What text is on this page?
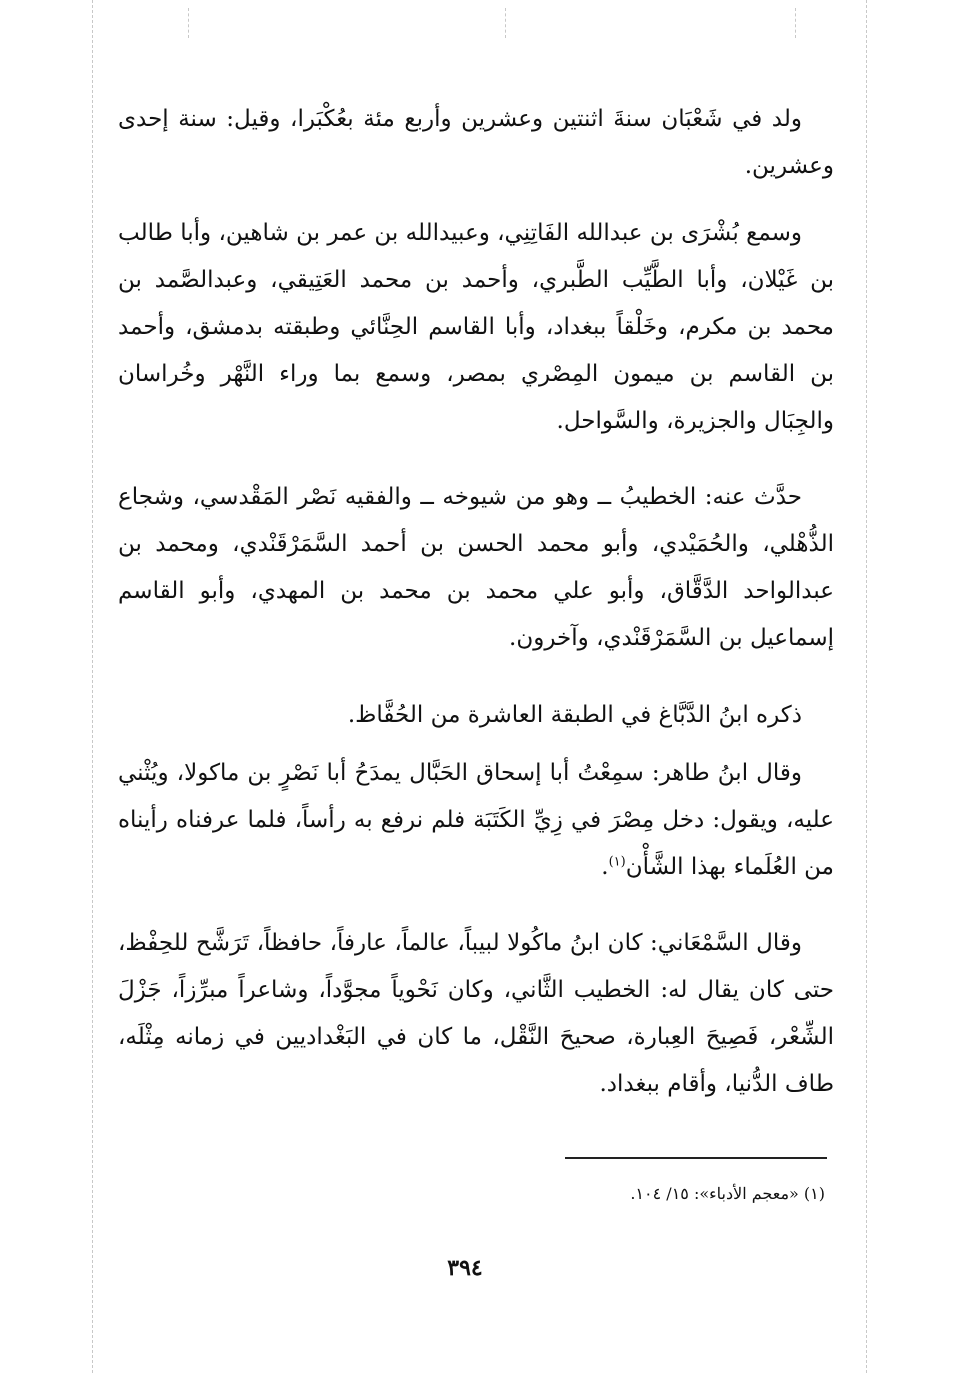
ولد في شَعْبَان سنةَ اثنتين وعشرين وأربع مئة بعُكْبَرا، وقيل: سنة إحدى وعشرين.

وسمع بُشْرَى بن عبدالله الفَاتِنِي، وعبيدالله بن عمر بن شاهين، وأبا طالب بن غَيْلان، وأبا الطَّيِّب الطَّبري، وأحمد بن محمد العَتِيقي، وعبدالصَّمد بن محمد بن مكرم، وخَلْقاً ببغداد، وأبا القاسم الحِنَّائي وطبقته بدمشق، وأحمد بن القاسم بن ميمون المِصْري بمصر، وسمع بما وراء النَّهْر وخُراسان والجِبَال والجزيرة، والسَّواحل.

حدَّث عنه: الخطيبُ ــ وهو من شيوخه ــ والفقيه نَصْر المَقْدسي، وشجاع الذُّهْلي، والحُمَيْدي، وأبو محمد الحسن بن أحمد السَّمَرْقَنْدي، ومحمد بن عبدالواحد الدَّقَّاق، وأبو علي محمد بن محمد بن المهدي، وأبو القاسم إسماعيل بن السَّمَرْقَنْدي، وآخرون.

ذكره ابنُ الدَّبَّاغ في الطبقة العاشرة من الحُفَّاظ.

وقال ابنُ طاهر: سمِعْتُ أبا إسحاق الحَبَّال يمدَحُ أبا نَصْرٍ بن ماكولا، ويُثْني عليه، ويقول: دخل مِصْرَ في زِيِّ الكَتَبَة فلم نرفع به رأساً، فلما عرفناه رأيناه من العُلَماء بهذا الشَّأْن$^{(١)}$.

وقال السَّمْعَاني: كان ابنُ ماكُولا لبيباً، عالماً، عارفاً، حافظاً، تَرَشَّح للحِفْظ، حتى كان يقال له: الخطيب الثَّاني، وكان نَحْوياً مجوَّداً، وشاعراً مبرِّزاً، جَزْلَ الشِّعْر، فَصِيحَ العِبارة، صحيحَ النَّقْل، ما كان في البَغْداديين في زمانه مِثْلَه، طاف الدُّنيا، وأقام ببغداد.

(١) «معجم الأدباء»: ١٥/ ١٠٤.
٣٩٤
